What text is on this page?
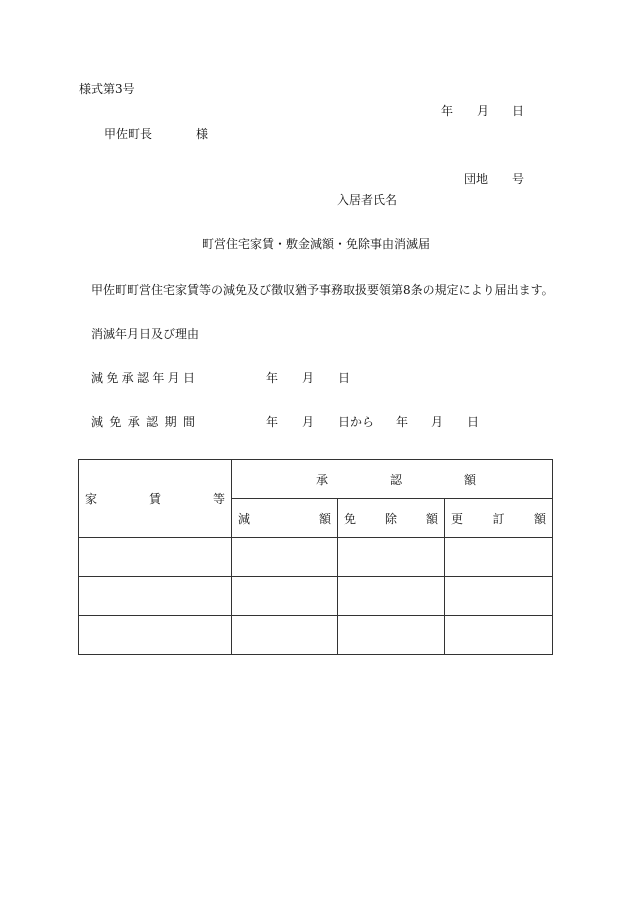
様式第3号
年 月 日
甲佐町長	様
団地 号
入居者氏名
町営住宅家賃・敷金減額・免除事由消滅届
甲佐町町営住宅家賃等の減免及び徴収猶予事務取扱要領第8条の規定により届出ます。
消滅年月日及び理由
減 免 承 認 年 月 日	年 月 日
減 免 承 認 期 間	年 月 日から 年 月 日
家 賃 等	承 認 額		

	減 額	免 除 額	更 訂 額
